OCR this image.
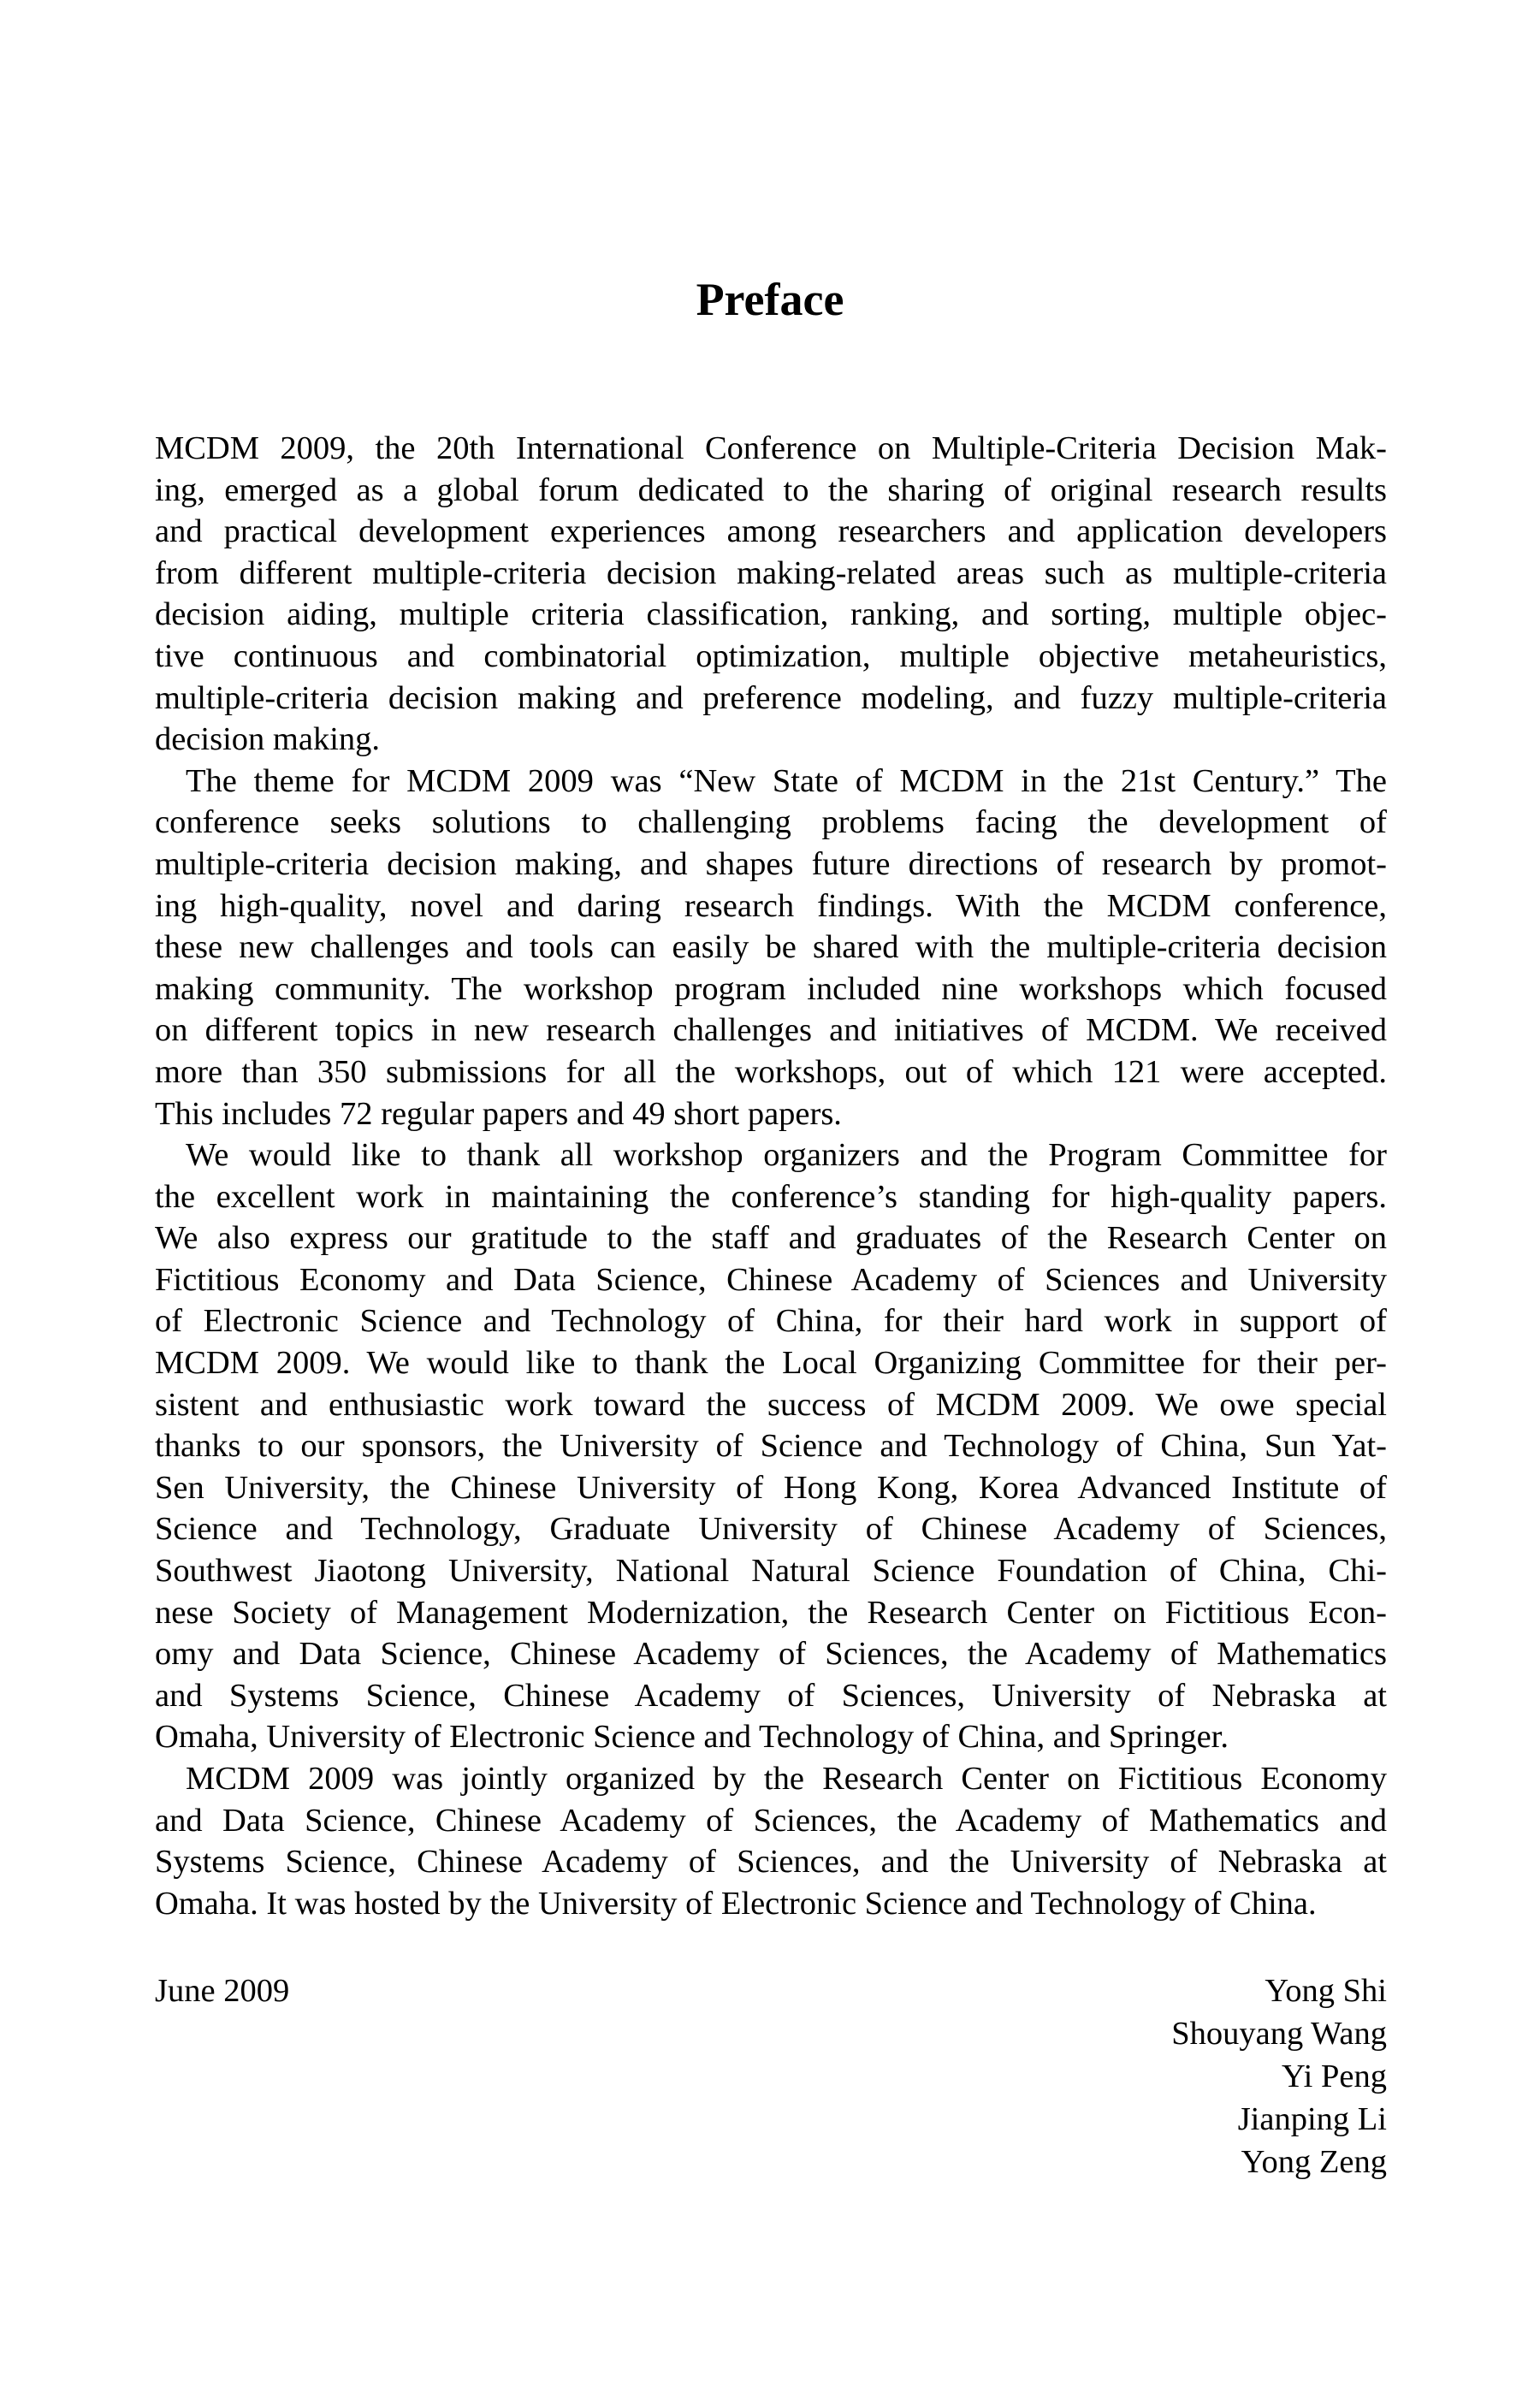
Preface

MCDM 2009, the 20th International Conference on Multiple-Criteria Decision Mak-
ing, emerged as a global forum dedicated to the sharing of original research results
and practical development experiences among researchers and application developers
from different multiple-criteria decision making-related areas such as multiple-criteria
decision aiding, multiple criteria classification, ranking, and sorting, multiple objec-
tive continuous and combinatorial optimization, multiple objective metaheuristics,
multiple-criteria decision making and preference modeling, and fuzzy multiple-criteria
decision making.

The theme for MCDM 2009 was “New State of MCDM in the 21st Century.” The
conference seeks solutions to challenging problems facing the development of
multiple-criteria decision making, and shapes future directions of research by promot-
ing high-quality, novel and daring research findings. With the MCDM conference,
these new challenges and tools can easily be shared with the multiple-criteria decision
making community. The workshop program included nine workshops which focused
on different topics in new research challenges and initiatives of MCDM. We received
more than 350 submissions for all the workshops, out of which 121 were accepted.
This includes 72 regular papers and 49 short papers.

We would like to thank all workshop organizers and the Program Committee for
the excellent work in maintaining the conference’s standing for high-quality papers.
We also express our gratitude to the staff and graduates of the Research Center on
Fictitious Economy and Data Science, Chinese Academy of Sciences and University
of Electronic Science and Technology of China, for their hard work in support of
MCDM 2009. We would like to thank the Local Organizing Committee for their per-
sistent and enthusiastic work toward the success of MCDM 2009. We owe special
thanks to our sponsors, the University of Science and Technology of China, Sun Yat-
Sen University, the Chinese University of Hong Kong, Korea Advanced Institute of
Science and Technology, Graduate University of Chinese Academy of Sciences,
Southwest Jiaotong University, National Natural Science Foundation of China, Chi-
nese Society of Management Modernization, the Research Center on Fictitious Econ-
omy and Data Science, Chinese Academy of Sciences, the Academy of Mathematics
and Systems Science, Chinese Academy of Sciences, University of Nebraska at
Omaha, University of Electronic Science and Technology of China, and Springer.

MCDM 2009 was jointly organized by the Research Center on Fictitious Economy
and Data Science, Chinese Academy of Sciences, the Academy of Mathematics and
Systems Science, Chinese Academy of Sciences, and the University of Nebraska at
Omaha. It was hosted by the University of Electronic Science and Technology of China.

June 2009	Yong Shi
Shouyang Wang
Yi Peng
Jianping Li
Yong Zeng
